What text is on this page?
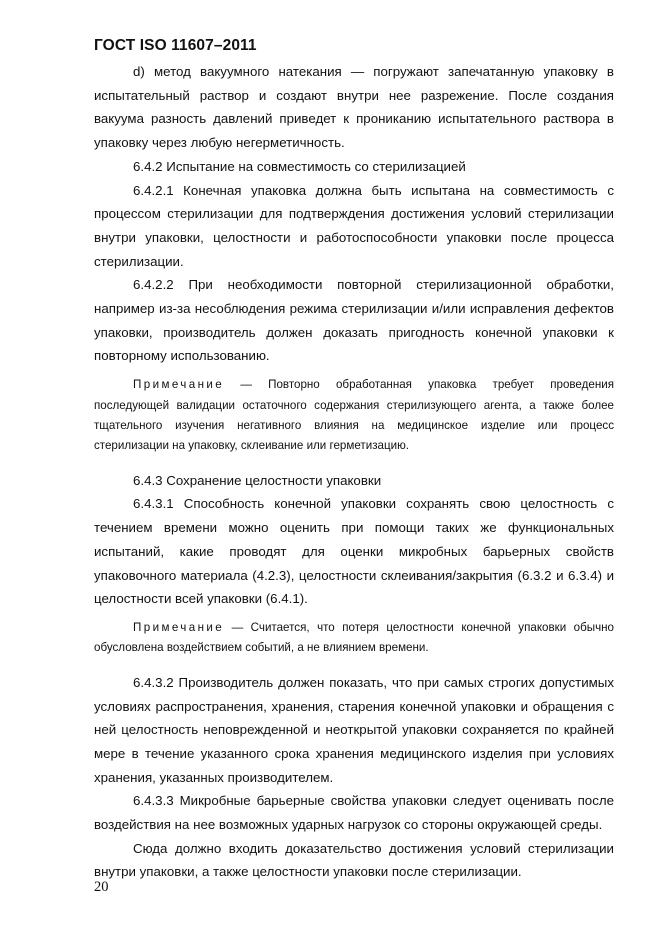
ГОСТ ISO 11607–2011

d) метод вакуумного натекания — погружают запечатанную упаковку в испытательный раствор и создают внутри нее разрежение. После создания вакуума разность давлений приведет к прониканию испытательного раствора в упаковку через любую негерметичность.

6.4.2 Испытание на совместимость со стерилизацией

6.4.2.1 Конечная упаковка должна быть испытана на совместимость с процессом стерилизации для подтверждения достижения условий стерилизации внутри упаковки, целостности и работоспособности упаковки после процесса стерилизации.

6.4.2.2 При необходимости повторной стерилизационной обработки, например из-за несоблюдения режима стерилизации и/или исправления дефектов упаковки, производитель должен доказать пригодность конечной упаковки к повторному использованию.

Примечание — Повторно обработанная упаковка требует проведения последующей валидации остаточного содержания стерилизующего агента, а также более тщательного изучения негативного влияния на медицинское изделие или процесс стерилизации на упаковку, склеивание или герметизацию.

6.4.3 Сохранение целостности упаковки

6.4.3.1 Способность конечной упаковки сохранять свою целостность с течением времени можно оценить при помощи таких же функциональных испытаний, какие проводят для оценки микробных барьерных свойств упаковочного материала (4.2.3), целостности склеивания/закрытия (6.3.2 и 6.3.4) и целостности всей упаковки (6.4.1).

Примечание — Считается, что потеря целостности конечной упаковки обычно обусловлена воздействием событий, а не влиянием времени.

6.4.3.2 Производитель должен показать, что при самых строгих допустимых условиях распространения, хранения, старения конечной упаковки и обращения с ней целостность неповрежденной и неоткрытой упаковки сохраняется по крайней мере в течение указанного срока хранения медицинского изделия при условиях хранения, указанных производителем.

6.4.3.3 Микробные барьерные свойства упаковки следует оценивать после воздействия на нее возможных ударных нагрузок со стороны окружающей среды.

Сюда должно входить доказательство достижения условий стерилизации внутри упаковки, а также целостности упаковки после стерилизации.

20
